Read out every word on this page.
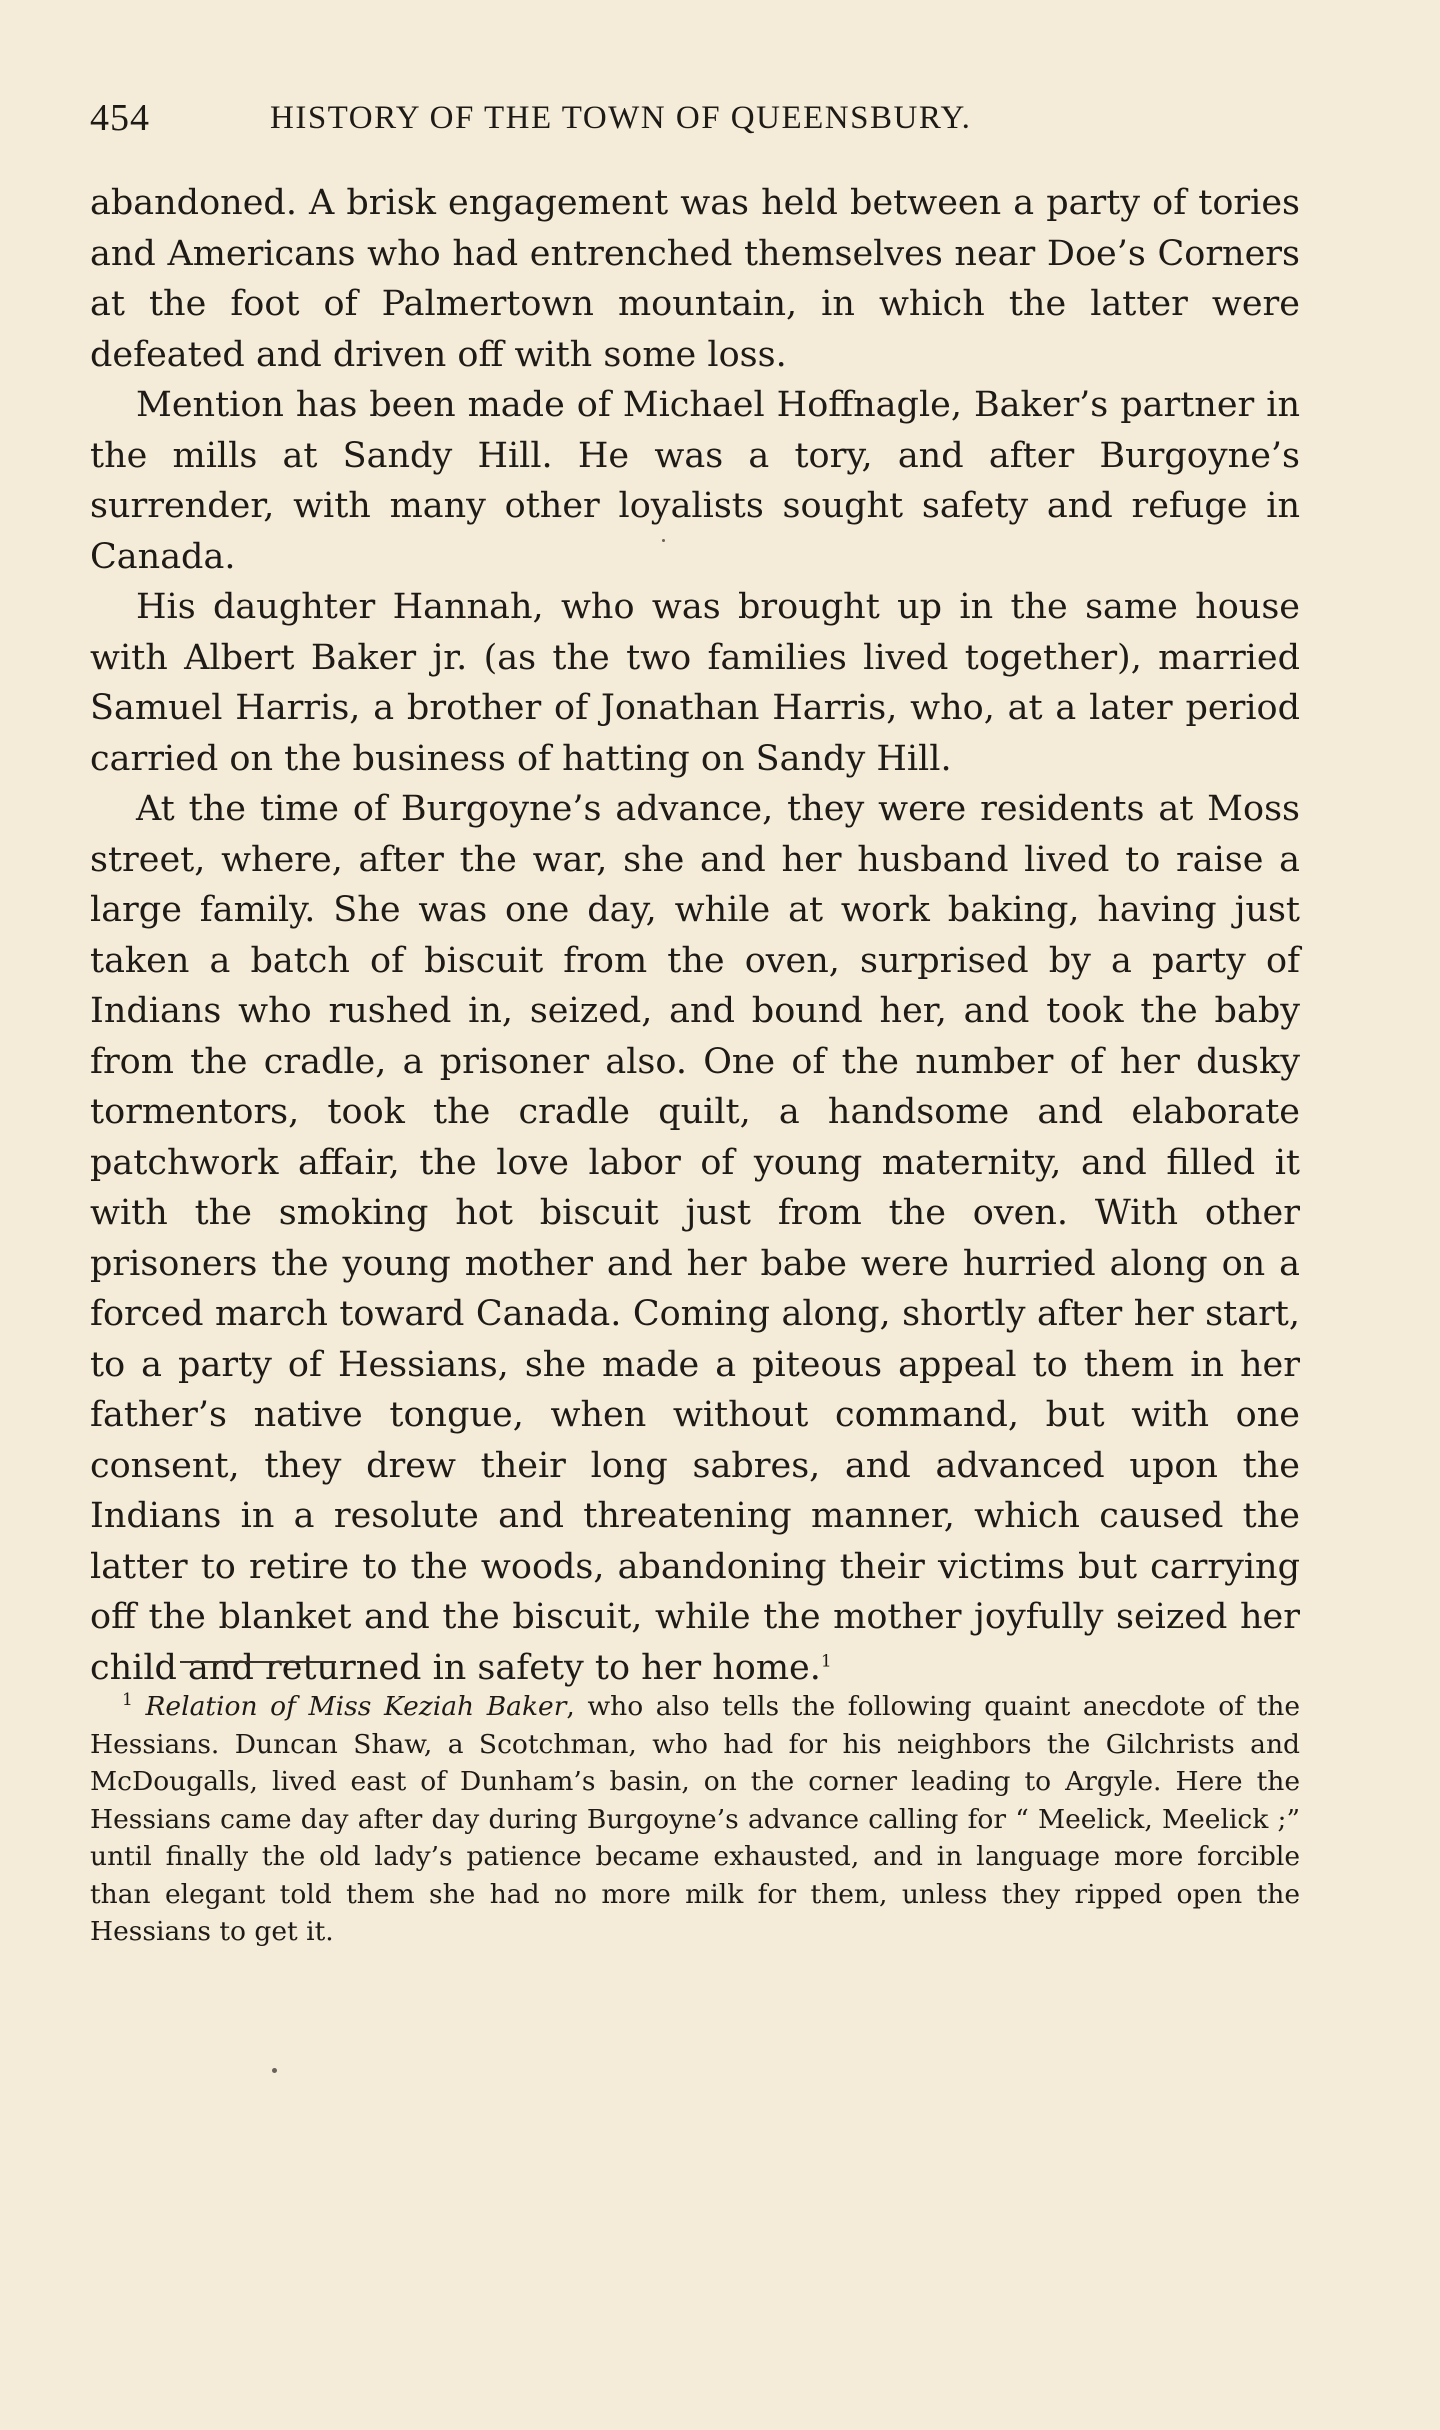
454	HISTORY OF THE TOWN OF QUEENSBURY.

abandoned. A brisk engagement was held between a party of tories and Americans who had entrenched themselves near Doe’s Corners at the foot of Palmertown mountain, in which the latter were defeated and driven off with some loss.

Mention has been made of Michael Hoffnagle, Baker’s partner in the mills at Sandy Hill. He was a tory, and after Burgoyne’s surrender, with many other loyalists sought safety and refuge in Canada.

His daughter Hannah, who was brought up in the same house with Albert Baker jr. (as the two families lived together), married Samuel Harris, a brother of Jonathan Harris, who, at a later period carried on the business of hatting on Sandy Hill.

At the time of Burgoyne’s advance, they were residents at Moss street, where, after the war, she and her husband lived to raise a large family. She was one day, while at work baking, having just taken a batch of biscuit from the oven, surprised by a party of Indians who rushed in, seized, and bound her, and took the baby from the cradle, a prisoner also. One of the number of her dusky tormentors, took the cradle quilt, a handsome and elaborate patchwork affair, the love labor of young maternity, and filled it with the smoking hot biscuit just from the oven. With other prisoners the young mother and her babe were hurried along on a forced march toward Canada. Coming along, shortly after her start, to a party of Hessians, she made a piteous appeal to them in her father’s native tongue, when without command, but with one consent, they drew their long sabres, and advanced upon the Indians in a resolute and threatening manner, which caused the latter to retire to the woods, abandoning their victims but carrying off the blanket and the biscuit, while the mother joyfully seized her child and returned in safety to her home.$^1$

$^1$ Relation of Miss Keziah Baker, who also tells the following quaint anecdote of the Hessians. Duncan Shaw, a Scotchman, who had for his neighbors the Gilchrists and McDougalls, lived east of Dunham’s basin, on the corner leading to Argyle. Here the Hessians came day after day during Burgoyne’s advance calling for “ Meelick, Meelick ;” until finally the old lady’s patience became exhausted, and in language more forcible than elegant told them she had no more milk for them, unless they ripped open the Hessians to get it.
